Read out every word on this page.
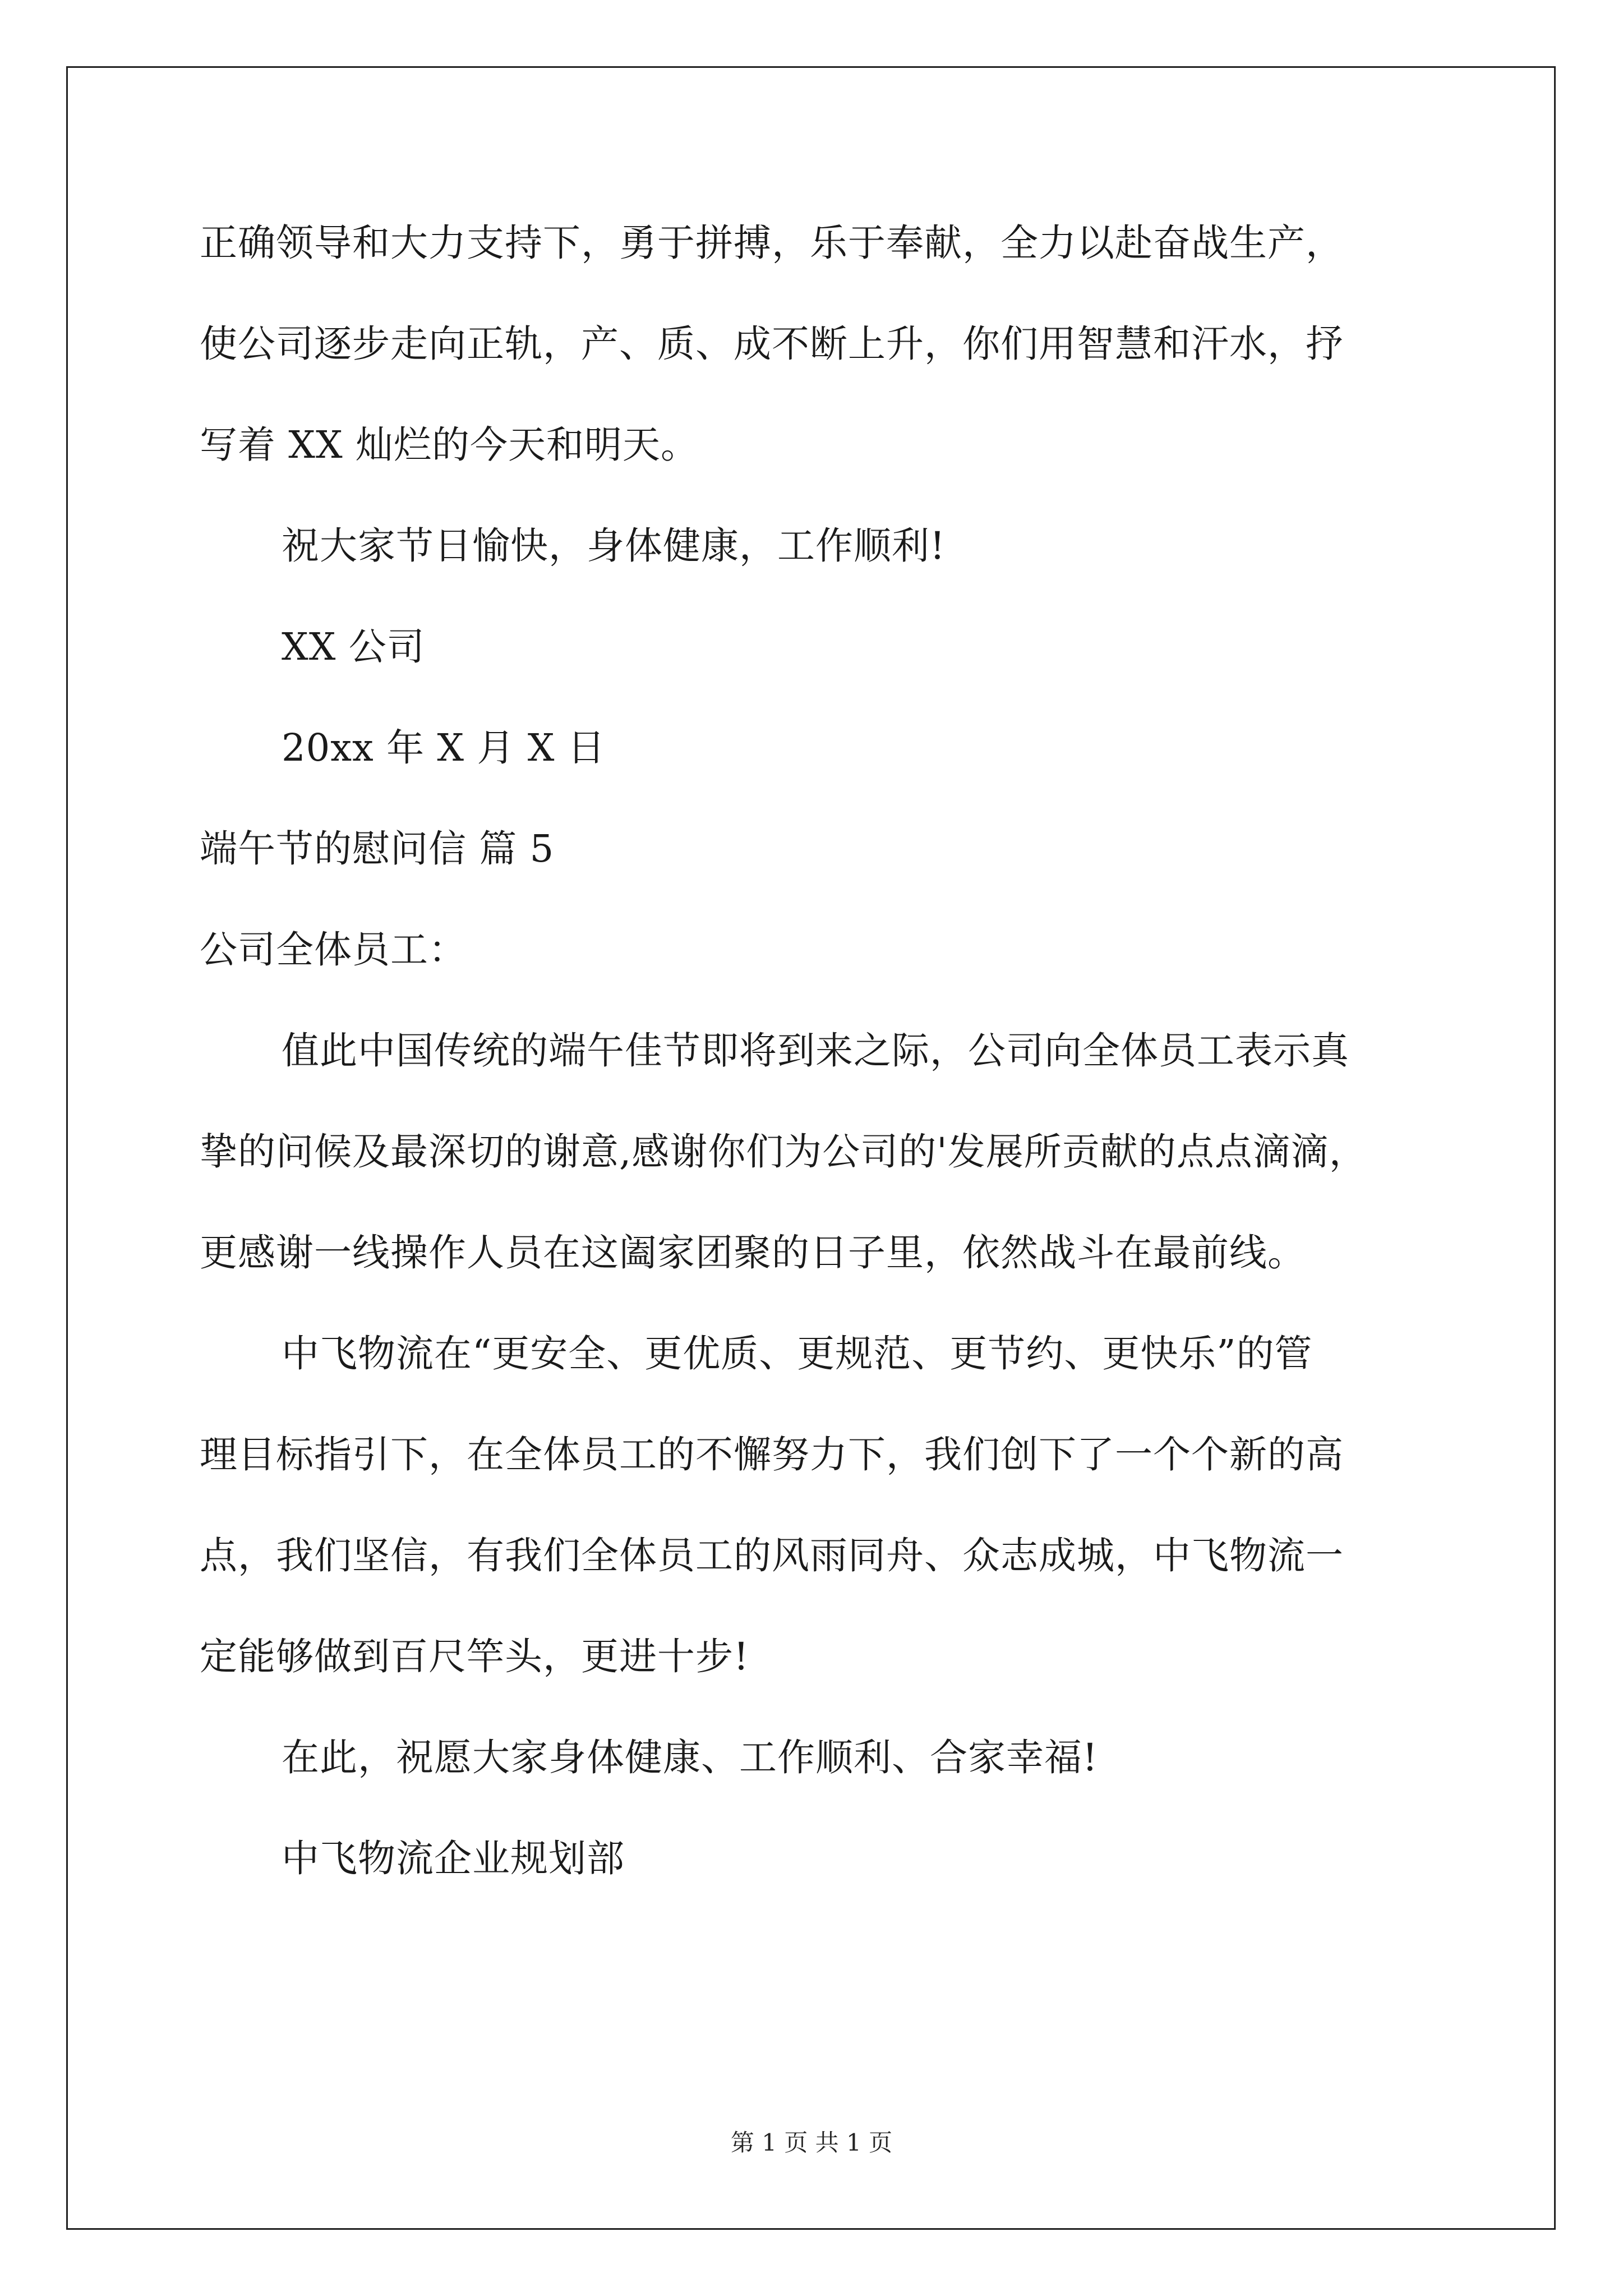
正确领导和大力支持下，勇于拼搏，乐于奉献，全力以赴奋战生产，
使公司逐步走向正轨，产、质、成不断上升，你们用智慧和汗水，抒
写着 XX 灿烂的今天和明天。
祝大家节日愉快，身体健康，工作顺利!
XX 公司
20xx 年 X 月 X 日
端午节的慰问信 篇 5
公司全体员工：
值此中国传统的端午佳节即将到来之际，公司向全体员工表示真
挚的问候及最深切的谢意,感谢你们为公司的'发展所贡献的点点滴滴，
更感谢一线操作人员在这阖家团聚的日子里，依然战斗在最前线。
中飞物流在“更安全、更优质、更规范、更节约、更快乐”的管
理目标指引下，在全体员工的不懈努力下，我们创下了一个个新的高
点，我们坚信，有我们全体员工的风雨同舟、众志成城，中飞物流一
定能够做到百尺竿头，更进十步!
在此，祝愿大家身体健康、工作顺利、合家幸福!
中飞物流企业规划部
第 1 页 共 1 页
